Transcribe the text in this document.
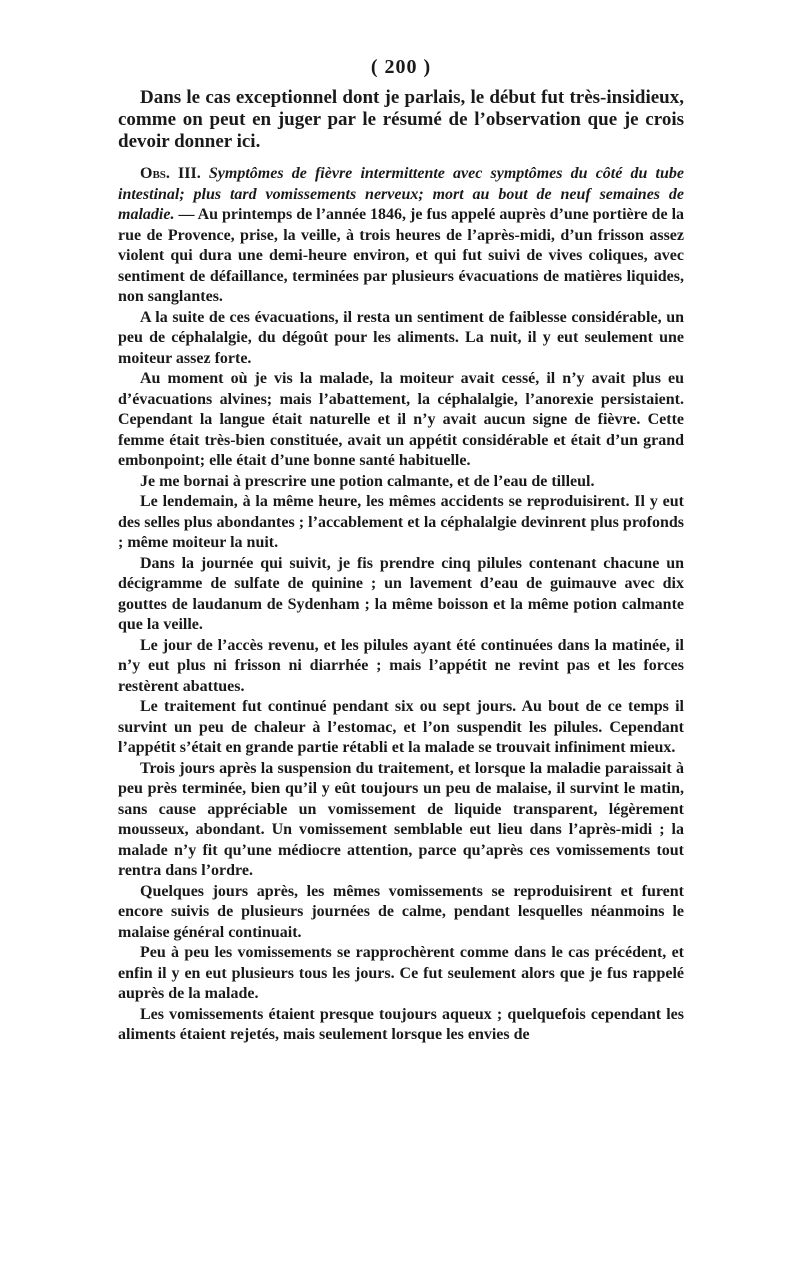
( 200 )

Dans le cas exceptionnel dont je parlais, le début fut très-insidieux, comme on peut en juger par le résumé de l’observation que je crois devoir donner ici.

Obs. III. Symptômes de fièvre intermittente avec symptômes du côté du tube intestinal; plus tard vomissements nerveux; mort au bout de neuf semaines de maladie. — Au printemps de l’année 1846, je fus appelé auprès d’une portière de la rue de Provence, prise, la veille, à trois heures de l’après-midi, d’un frisson assez violent qui dura une demi-heure environ, et qui fut suivi de vives coliques, avec sentiment de défaillance, terminées par plusieurs évacuations de matières liquides, non sanglantes.

A la suite de ces évacuations, il resta un sentiment de faiblesse considérable, un peu de céphalalgie, du dégoût pour les aliments. La nuit, il y eut seulement une moiteur assez forte.

Au moment où je vis la malade, la moiteur avait cessé, il n’y avait plus eu d’évacuations alvines; mais l’abattement, la céphalalgie, l’anorexie persistaient. Cependant la langue était naturelle et il n’y avait aucun signe de fièvre. Cette femme était très-bien constituée, avait un appétit considérable et était d’un grand embonpoint; elle était d’une bonne santé habituelle.

Je me bornai à prescrire une potion calmante, et de l’eau de tilleul.

Le lendemain, à la même heure, les mêmes accidents se reproduisirent. Il y eut des selles plus abondantes ; l’accablement et la céphalalgie devinrent plus profonds ; même moiteur la nuit.

Dans la journée qui suivit, je fis prendre cinq pilules contenant chacune un décigramme de sulfate de quinine ; un lavement d’eau de guimauve avec dix gouttes de laudanum de Sydenham ; la même boisson et la même potion calmante que la veille.

Le jour de l’accès revenu, et les pilules ayant été continuées dans la matinée, il n’y eut plus ni frisson ni diarrhée ; mais l’appétit ne revint pas et les forces restèrent abattues.

Le traitement fut continué pendant six ou sept jours. Au bout de ce temps il survint un peu de chaleur à l’estomac, et l’on suspendit les pilules. Cependant l’appétit s’était en grande partie rétabli et la malade se trouvait infiniment mieux.

Trois jours après la suspension du traitement, et lorsque la maladie paraissait à peu près terminée, bien qu’il y eût toujours un peu de malaise, il survint le matin, sans cause appréciable un vomissement de liquide transparent, légèrement mousseux, abondant. Un vomissement semblable eut lieu dans l’après-midi ; la malade n’y fit qu’une médiocre attention, parce qu’après ces vomissements tout rentra dans l’ordre.

Quelques jours après, les mêmes vomissements se reproduisirent et furent encore suivis de plusieurs journées de calme, pendant lesquelles néanmoins le malaise général continuait.

Peu à peu les vomissements se rapprochèrent comme dans le cas précédent, et enfin il y en eut plusieurs tous les jours. Ce fut seulement alors que je fus rappelé auprès de la malade.

Les vomissements étaient presque toujours aqueux ; quelquefois cependant les aliments étaient rejetés, mais seulement lorsque les envies de
